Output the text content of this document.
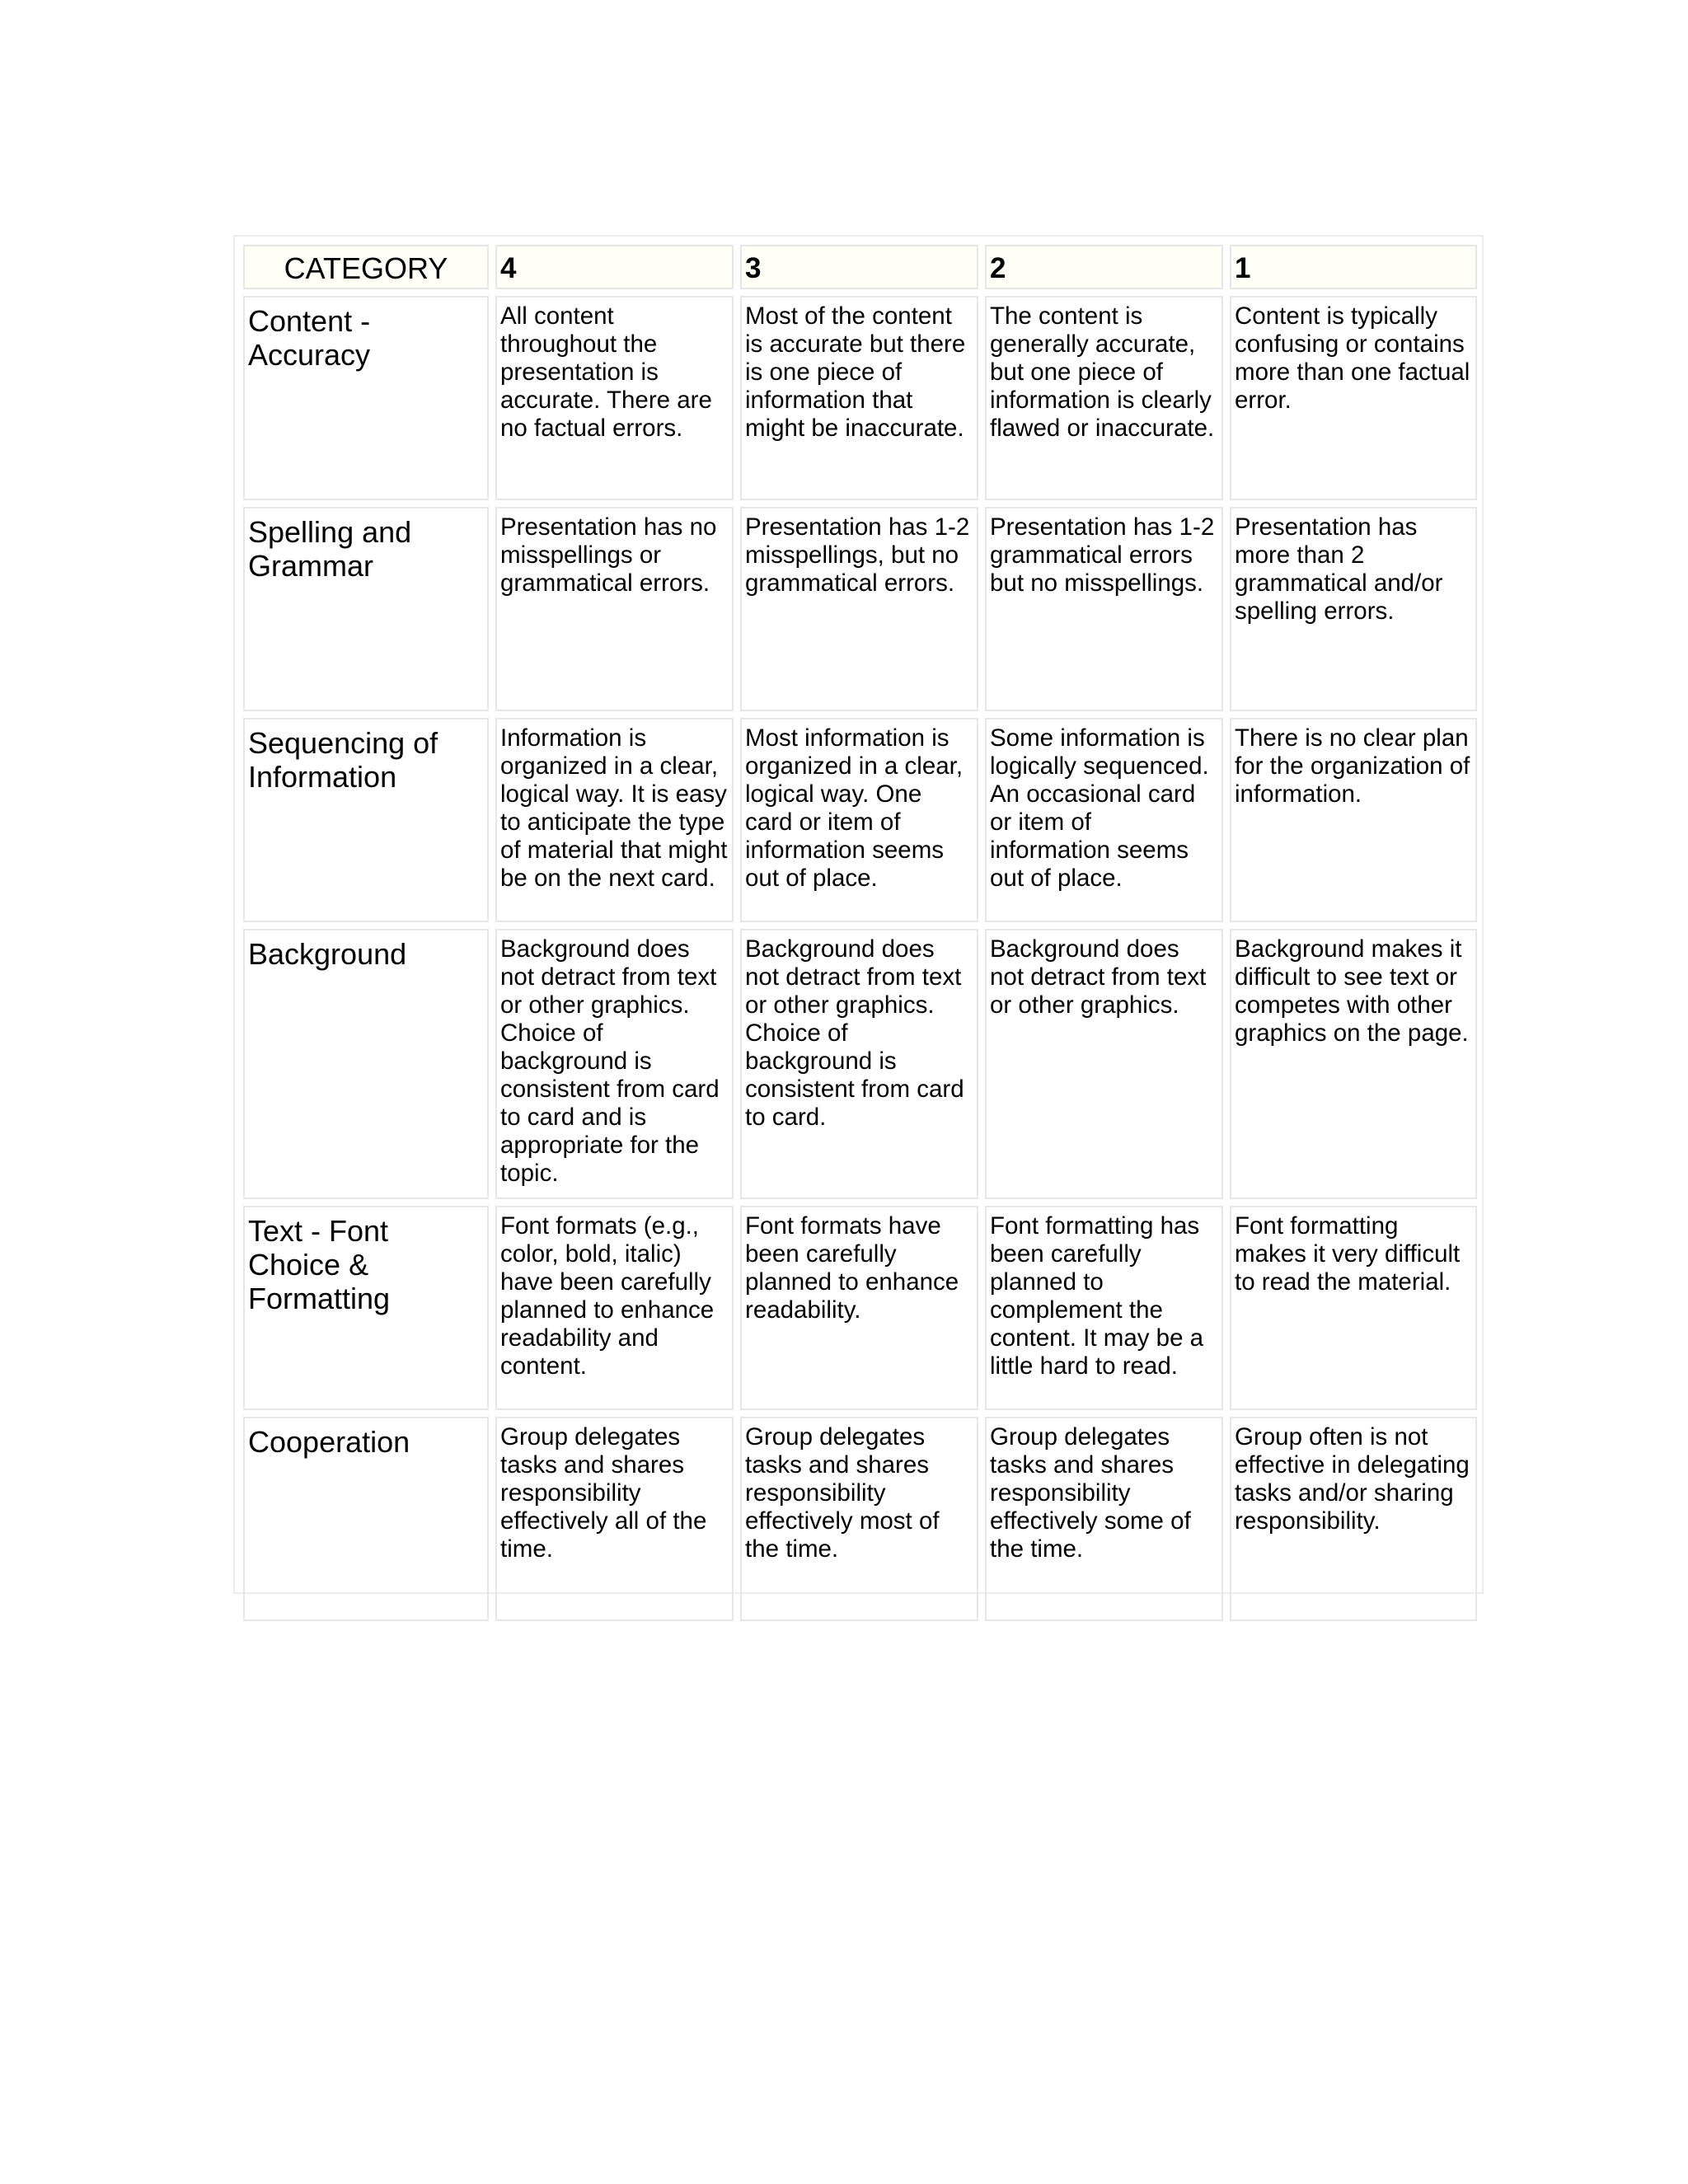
CATEGORY	4	3	2	1
Content - Accuracy	All content throughout the presentation is accurate. There are no factual errors.	Most of the content is accurate but there is one piece of information that might be inaccurate.	The content is generally accurate, but one piece of information is clearly flawed or inaccurate.	Content is typically confusing or contains more than one factual error.
Spelling and Grammar	Presentation has no misspellings or grammatical errors.	Presentation has 1-2 misspellings, but no grammatical errors.	Presentation has 1-2 grammatical errors but no misspellings.	Presentation has more than 2 grammatical and/or spelling errors.
Sequencing of Information	Information is organized in a clear, logical way. It is easy to anticipate the type of material that might be on the next card.	Most information is organized in a clear, logical way. One card or item of information seems out of place.	Some information is logically sequenced. An occasional card or item of information seems out of place.	There is no clear plan for the organization of information.
Background	Background does not detract from text or other graphics. Choice of background is consistent from card to card and is appropriate for the topic.	Background does not detract from text or other graphics. Choice of background is consistent from card to card.	Background does not detract from text or other graphics.	Background makes it difficult to see text or competes with other graphics on the page.
Text - Font Choice & Formatting	Font formats (e.g., color, bold, italic) have been carefully planned to enhance readability and content.	Font formats have been carefully planned to enhance readability.	Font formatting has been carefully planned to complement the content. It may be a little hard to read.	Font formatting makes it very difficult to read the material.
Cooperation	Group delegates tasks and shares responsibility effectively all of the time.	Group delegates tasks and shares responsibility effectively most of the time.	Group delegates tasks and shares responsibility effectively some of the time.	Group often is not effective in delegating tasks and/or sharing responsibility.
